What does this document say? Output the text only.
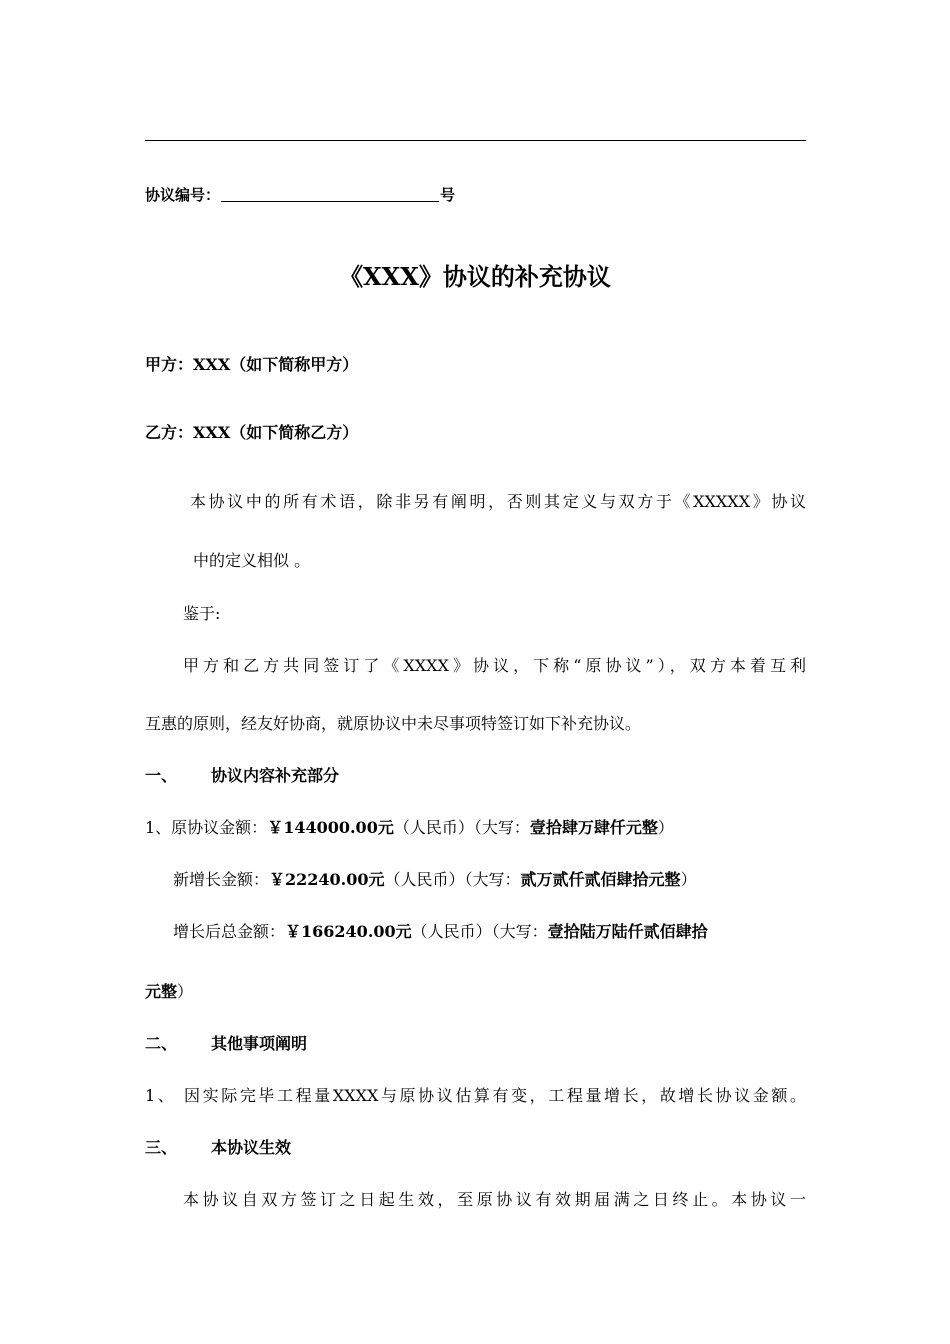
协议编号：	号
《XXX》协议的补充协议
甲方：XXX（如下简称甲方）
乙方：XXX（如下简称乙方）
本协议中的所有术语，除非另有阐明，否则其定义与双方于《XXXXX》协议
中的定义相似 。
鉴于:
甲方和乙方共同签订了《XXXX》协议，下称“原协议”），双方本着互利
互惠的原则，经友好协商，就原协议中未尽事项特签订如下补充协议。
一、 协议内容补充部分
1、原协议金额：￥144000.00元（人民币）（大写：壹拾肆万肆仟元整）
新增长金额：￥22240.00元（人民币）（大写：贰万贰仟贰佰肆拾元整）
增长后总金额：￥166240.00元（人民币）（大写：壹拾陆万陆仟贰佰肆拾
元整）
二、 其他事项阐明
1、 因实际完毕工程量XXXX与原协议估算有变，工程量增长，故增长协议金额。
三、 本协议生效
本协议自双方签订之日起生效，至原协议有效期届满之日终止。本协议一
